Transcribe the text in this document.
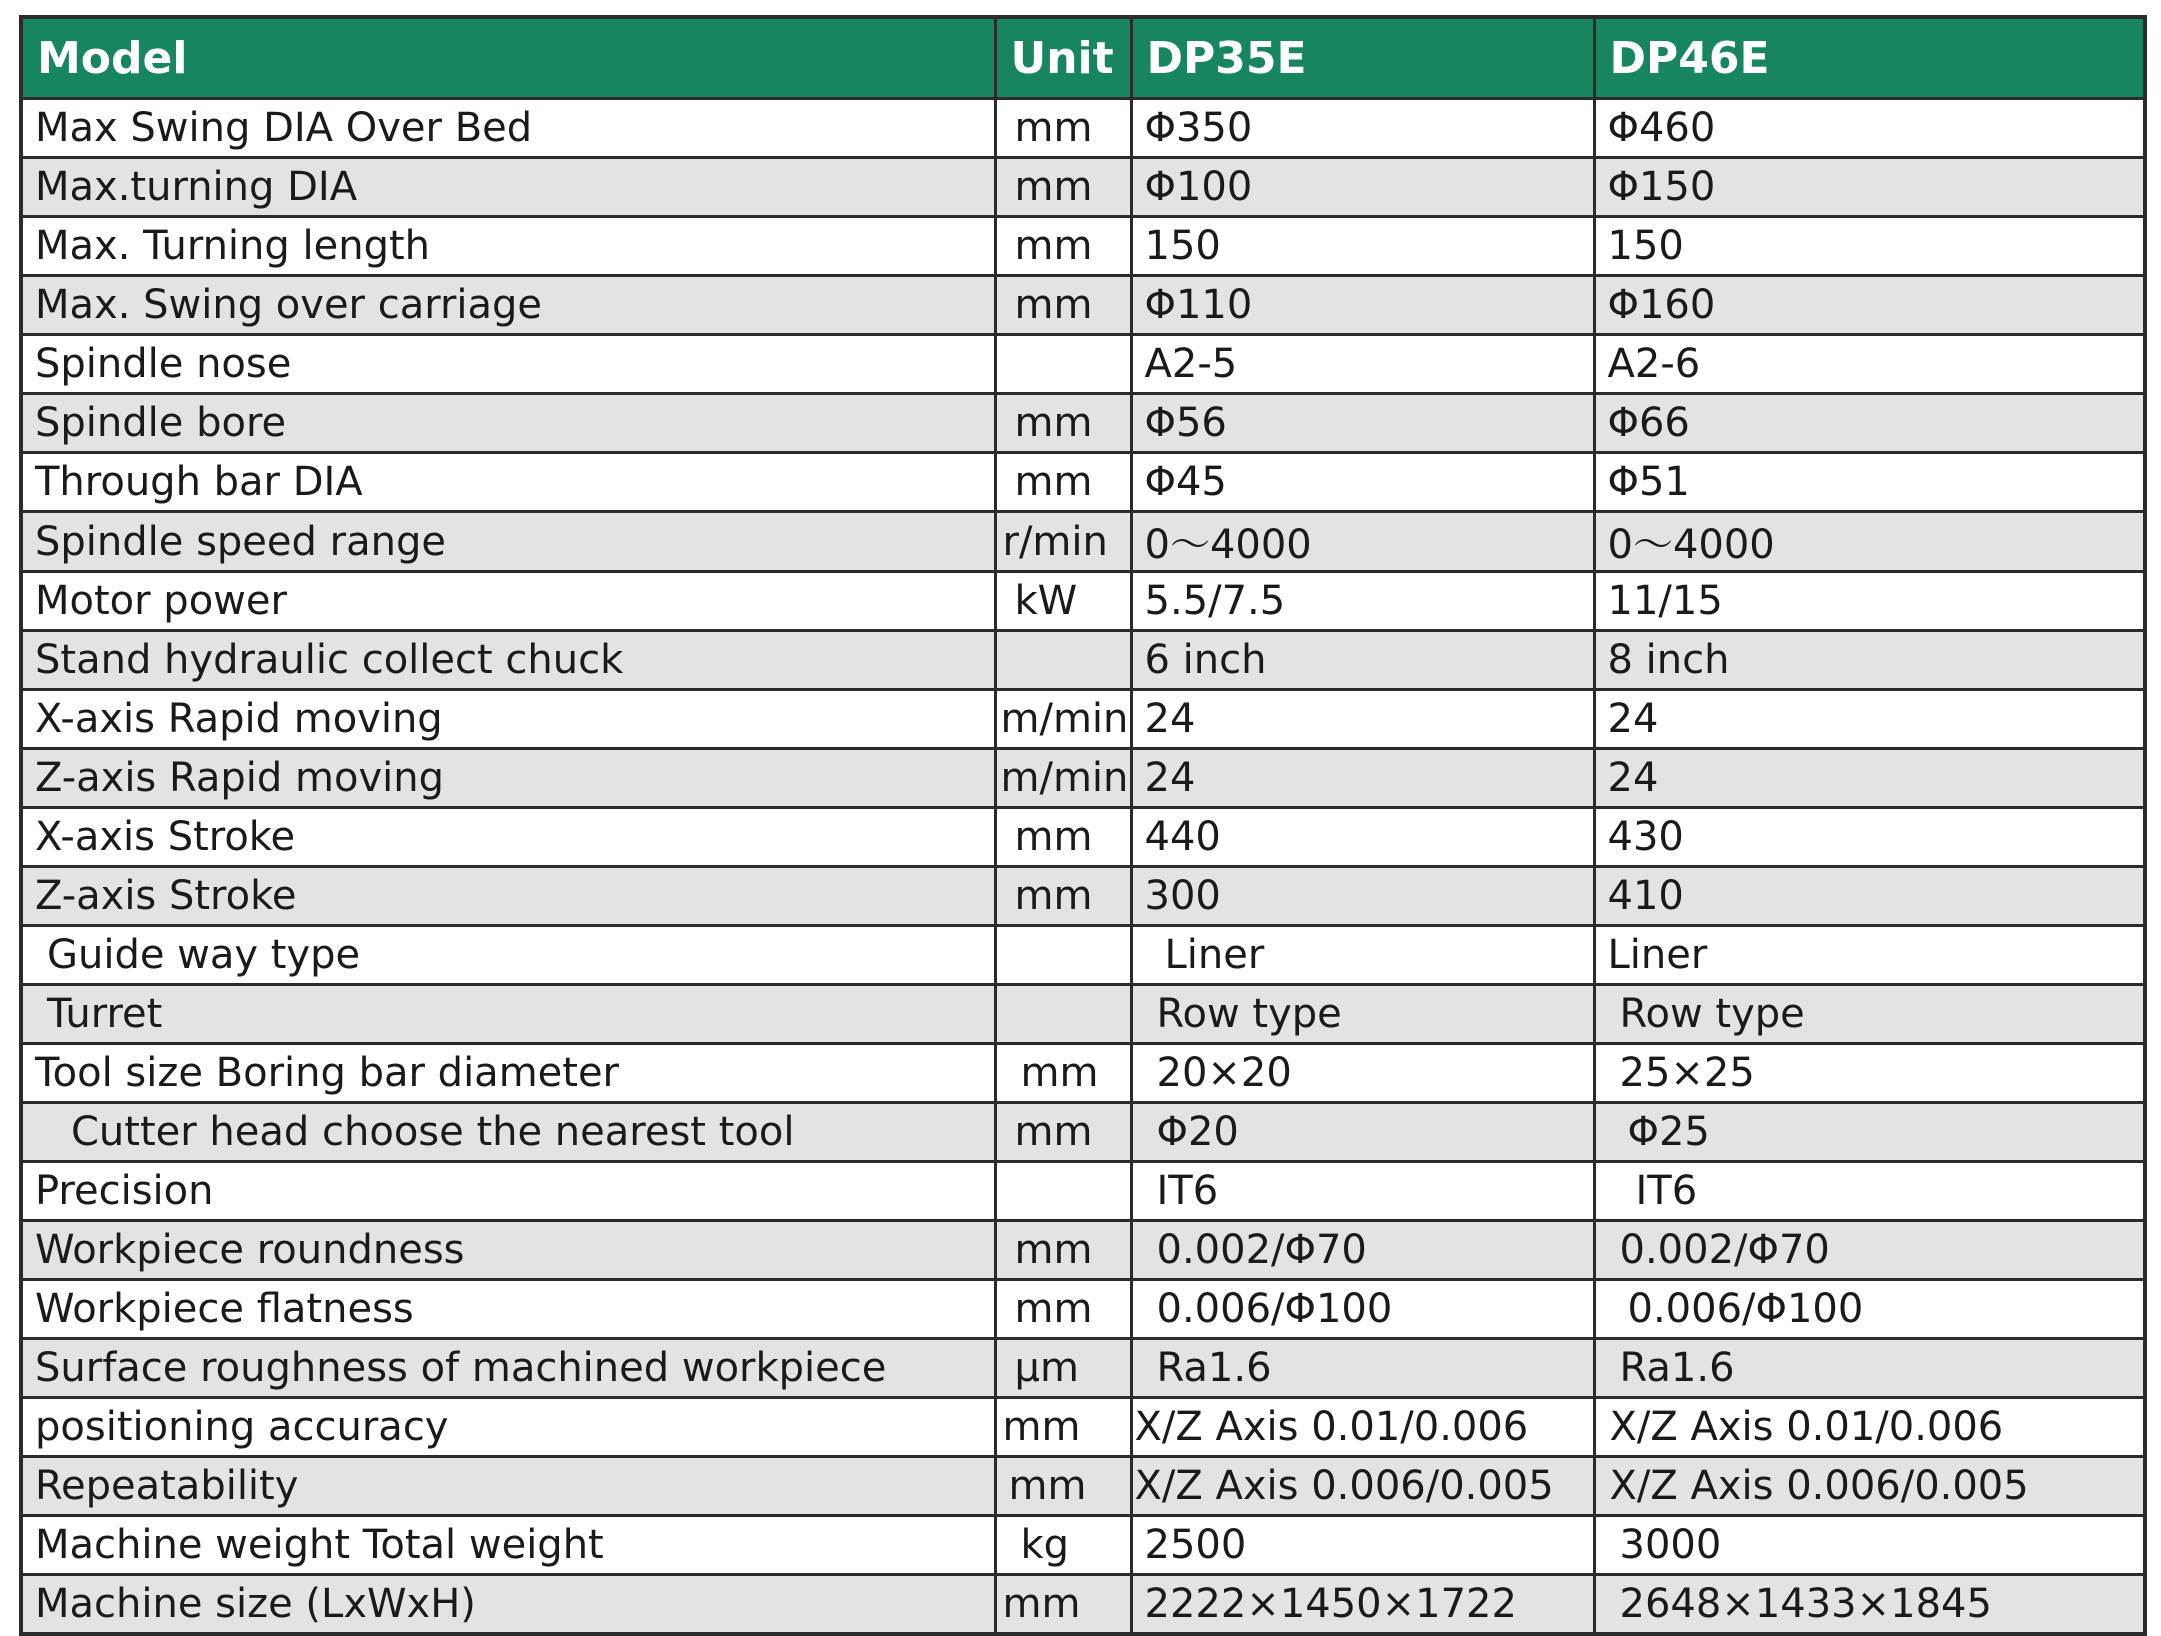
Model	Unit	DP35E	DP46E
Max Swing DIA Over Bed	mm	Φ350	Φ460
Max.turning DIA	mm	Φ100	Φ150
Max. Turning length	mm	150	150
Max. Swing over carriage	mm	Φ110	Φ160
Spindle nose		A2-5	A2-6
Spindle bore	mm	Φ56	Φ66
Through bar DIA	mm	Φ45	Φ51
Spindle speed range	r/min	0～4000	0～4000
Motor power	kW	5.5/7.5	11/15
Stand hydraulic collect chuck		6 inch	8 inch
X-axis Rapid moving	m/min	24	24
Z-axis Rapid moving	m/min	24	24
X-axis Stroke	mm	440	430
Z-axis Stroke	mm	300	410
Guide way type		Liner	Liner
Turret		Row type	Row type
Tool size Boring bar diameter	mm	20×20	25×25
Cutter head choose the nearest tool	mm	Φ20	Φ25
Precision		IT6	IT6
Workpiece roundness	mm	0.002/Φ70	0.002/Φ70
Workpiece flatness	mm	0.006/Φ100	0.006/Φ100
Surface roughness of machined workpiece	μm	Ra1.6	Ra1.6
positioning accuracy	mm	X/Z Axis 0.01/0.006	X/Z Axis 0.01/0.006
Repeatability	mm	X/Z Axis 0.006/0.005	X/Z Axis 0.006/0.005
Machine weight Total weight	kg	2500	3000
Machine size (LxWxH)	mm	2222×1450×1722	2648×1433×1845
